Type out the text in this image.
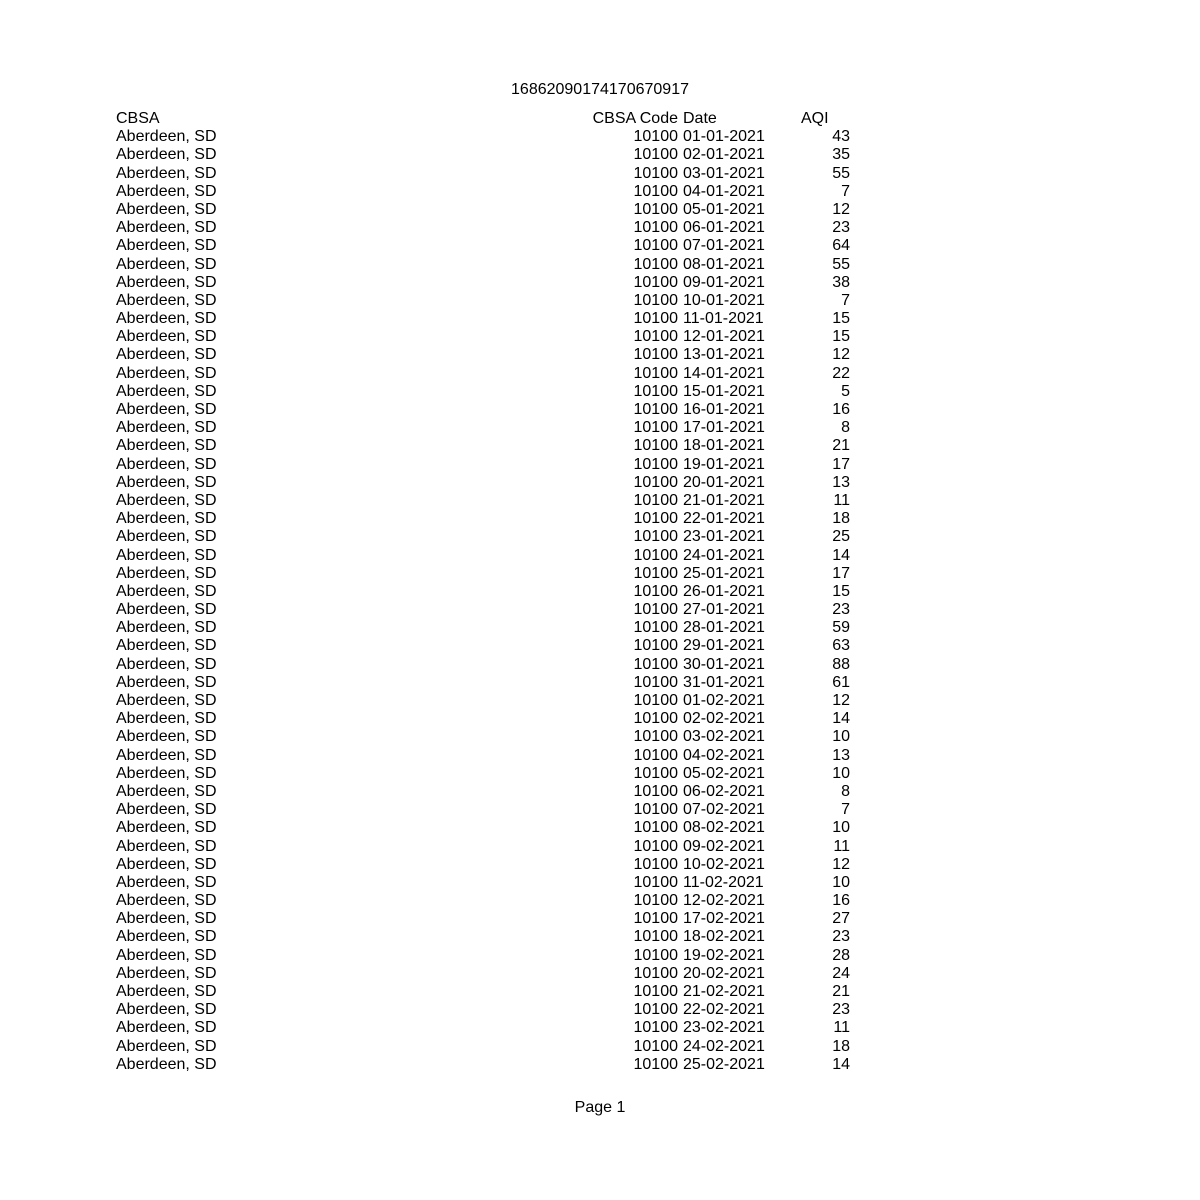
16862090174170670917
CBSA	CBSA Code Date	AQI
Aberdeen, SD	10100 01-01-2021	43
Aberdeen, SD	10100 02-01-2021	35
Aberdeen, SD	10100 03-01-2021	55
Aberdeen, SD	10100 04-01-2021	7
Aberdeen, SD	10100 05-01-2021	12
Aberdeen, SD	10100 06-01-2021	23
Aberdeen, SD	10100 07-01-2021	64
Aberdeen, SD	10100 08-01-2021	55
Aberdeen, SD	10100 09-01-2021	38
Aberdeen, SD	10100 10-01-2021	7
Aberdeen, SD	10100 11-01-2021	15
Aberdeen, SD	10100 12-01-2021	15
Aberdeen, SD	10100 13-01-2021	12
Aberdeen, SD	10100 14-01-2021	22
Aberdeen, SD	10100 15-01-2021	5
Aberdeen, SD	10100 16-01-2021	16
Aberdeen, SD	10100 17-01-2021	8
Aberdeen, SD	10100 18-01-2021	21
Aberdeen, SD	10100 19-01-2021	17
Aberdeen, SD	10100 20-01-2021	13
Aberdeen, SD	10100 21-01-2021	11
Aberdeen, SD	10100 22-01-2021	18
Aberdeen, SD	10100 23-01-2021	25
Aberdeen, SD	10100 24-01-2021	14
Aberdeen, SD	10100 25-01-2021	17
Aberdeen, SD	10100 26-01-2021	15
Aberdeen, SD	10100 27-01-2021	23
Aberdeen, SD	10100 28-01-2021	59
Aberdeen, SD	10100 29-01-2021	63
Aberdeen, SD	10100 30-01-2021	88
Aberdeen, SD	10100 31-01-2021	61
Aberdeen, SD	10100 01-02-2021	12
Aberdeen, SD	10100 02-02-2021	14
Aberdeen, SD	10100 03-02-2021	10
Aberdeen, SD	10100 04-02-2021	13
Aberdeen, SD	10100 05-02-2021	10
Aberdeen, SD	10100 06-02-2021	8
Aberdeen, SD	10100 07-02-2021	7
Aberdeen, SD	10100 08-02-2021	10
Aberdeen, SD	10100 09-02-2021	11
Aberdeen, SD	10100 10-02-2021	12
Aberdeen, SD	10100 11-02-2021	10
Aberdeen, SD	10100 12-02-2021	16
Aberdeen, SD	10100 17-02-2021	27
Aberdeen, SD	10100 18-02-2021	23
Aberdeen, SD	10100 19-02-2021	28
Aberdeen, SD	10100 20-02-2021	24
Aberdeen, SD	10100 21-02-2021	21
Aberdeen, SD	10100 22-02-2021	23
Aberdeen, SD	10100 23-02-2021	11
Aberdeen, SD	10100 24-02-2021	18
Aberdeen, SD	10100 25-02-2021	14
Page 1
